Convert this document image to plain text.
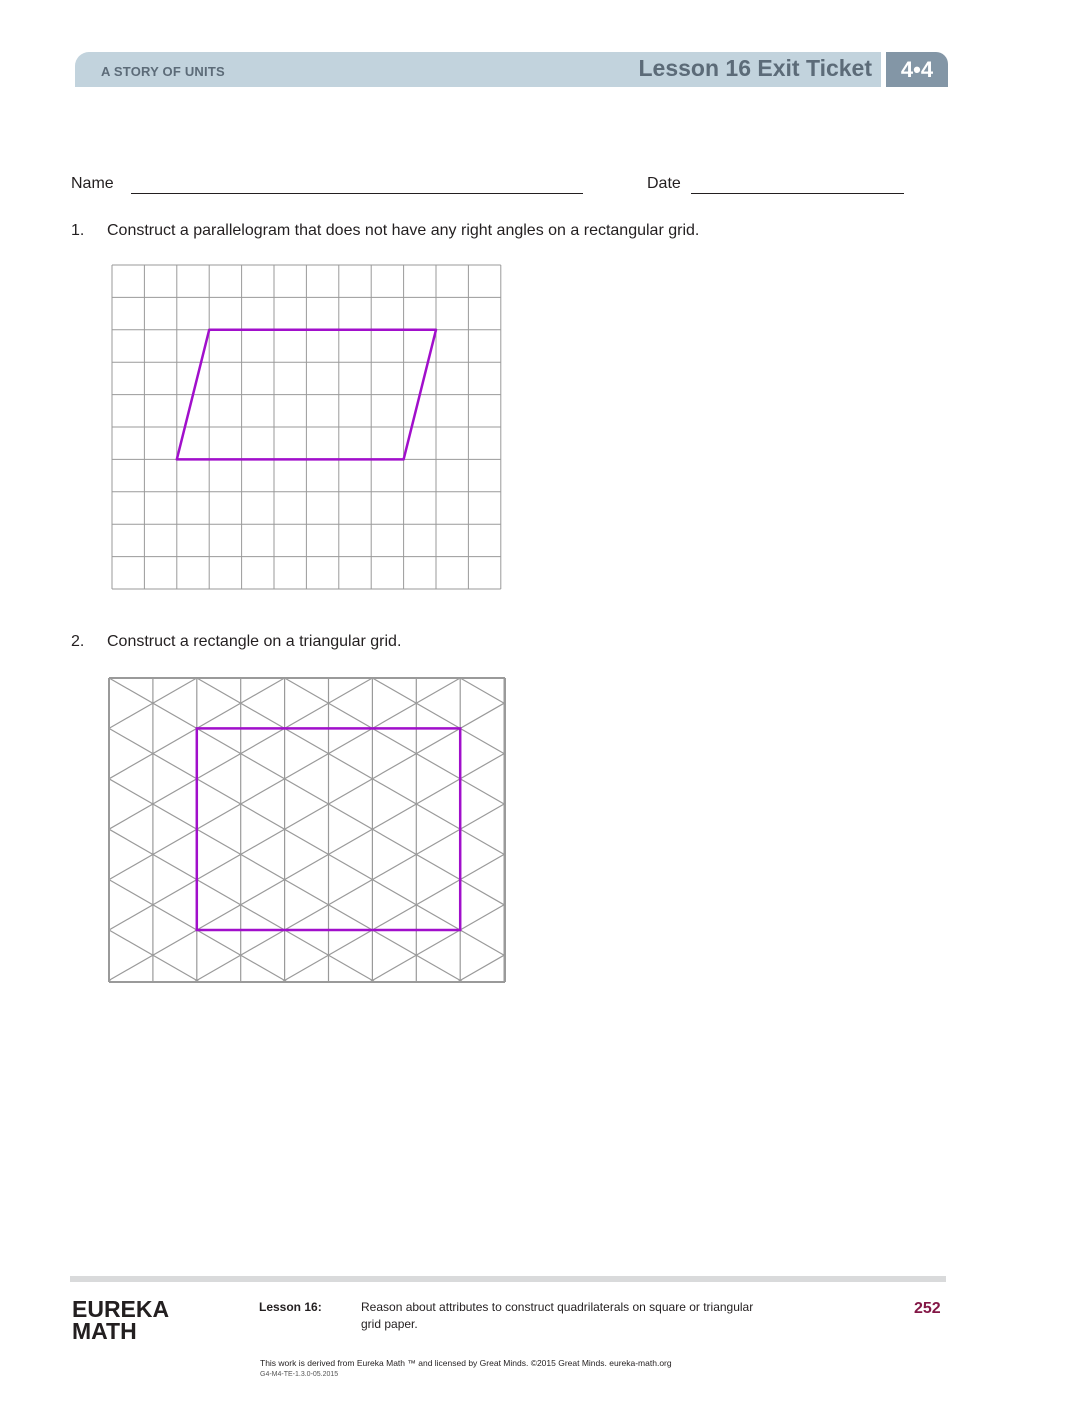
A STORY OF UNITS	Lesson 16 Exit Ticket	4•4
Name	Date
1. Construct a parallelogram that does not have any right angles on a rectangular grid.
2. Construct a rectangle on a triangular grid.
EUREKA
MATH
Lesson 16:	Reason about attributes to construct quadrilaterals on square or triangular grid paper.
252
This work is derived from Eureka Math ™ and licensed by Great Minds. ©2015 Great Minds. eureka-math.org
G4-M4-TE-1.3.0-05.2015
